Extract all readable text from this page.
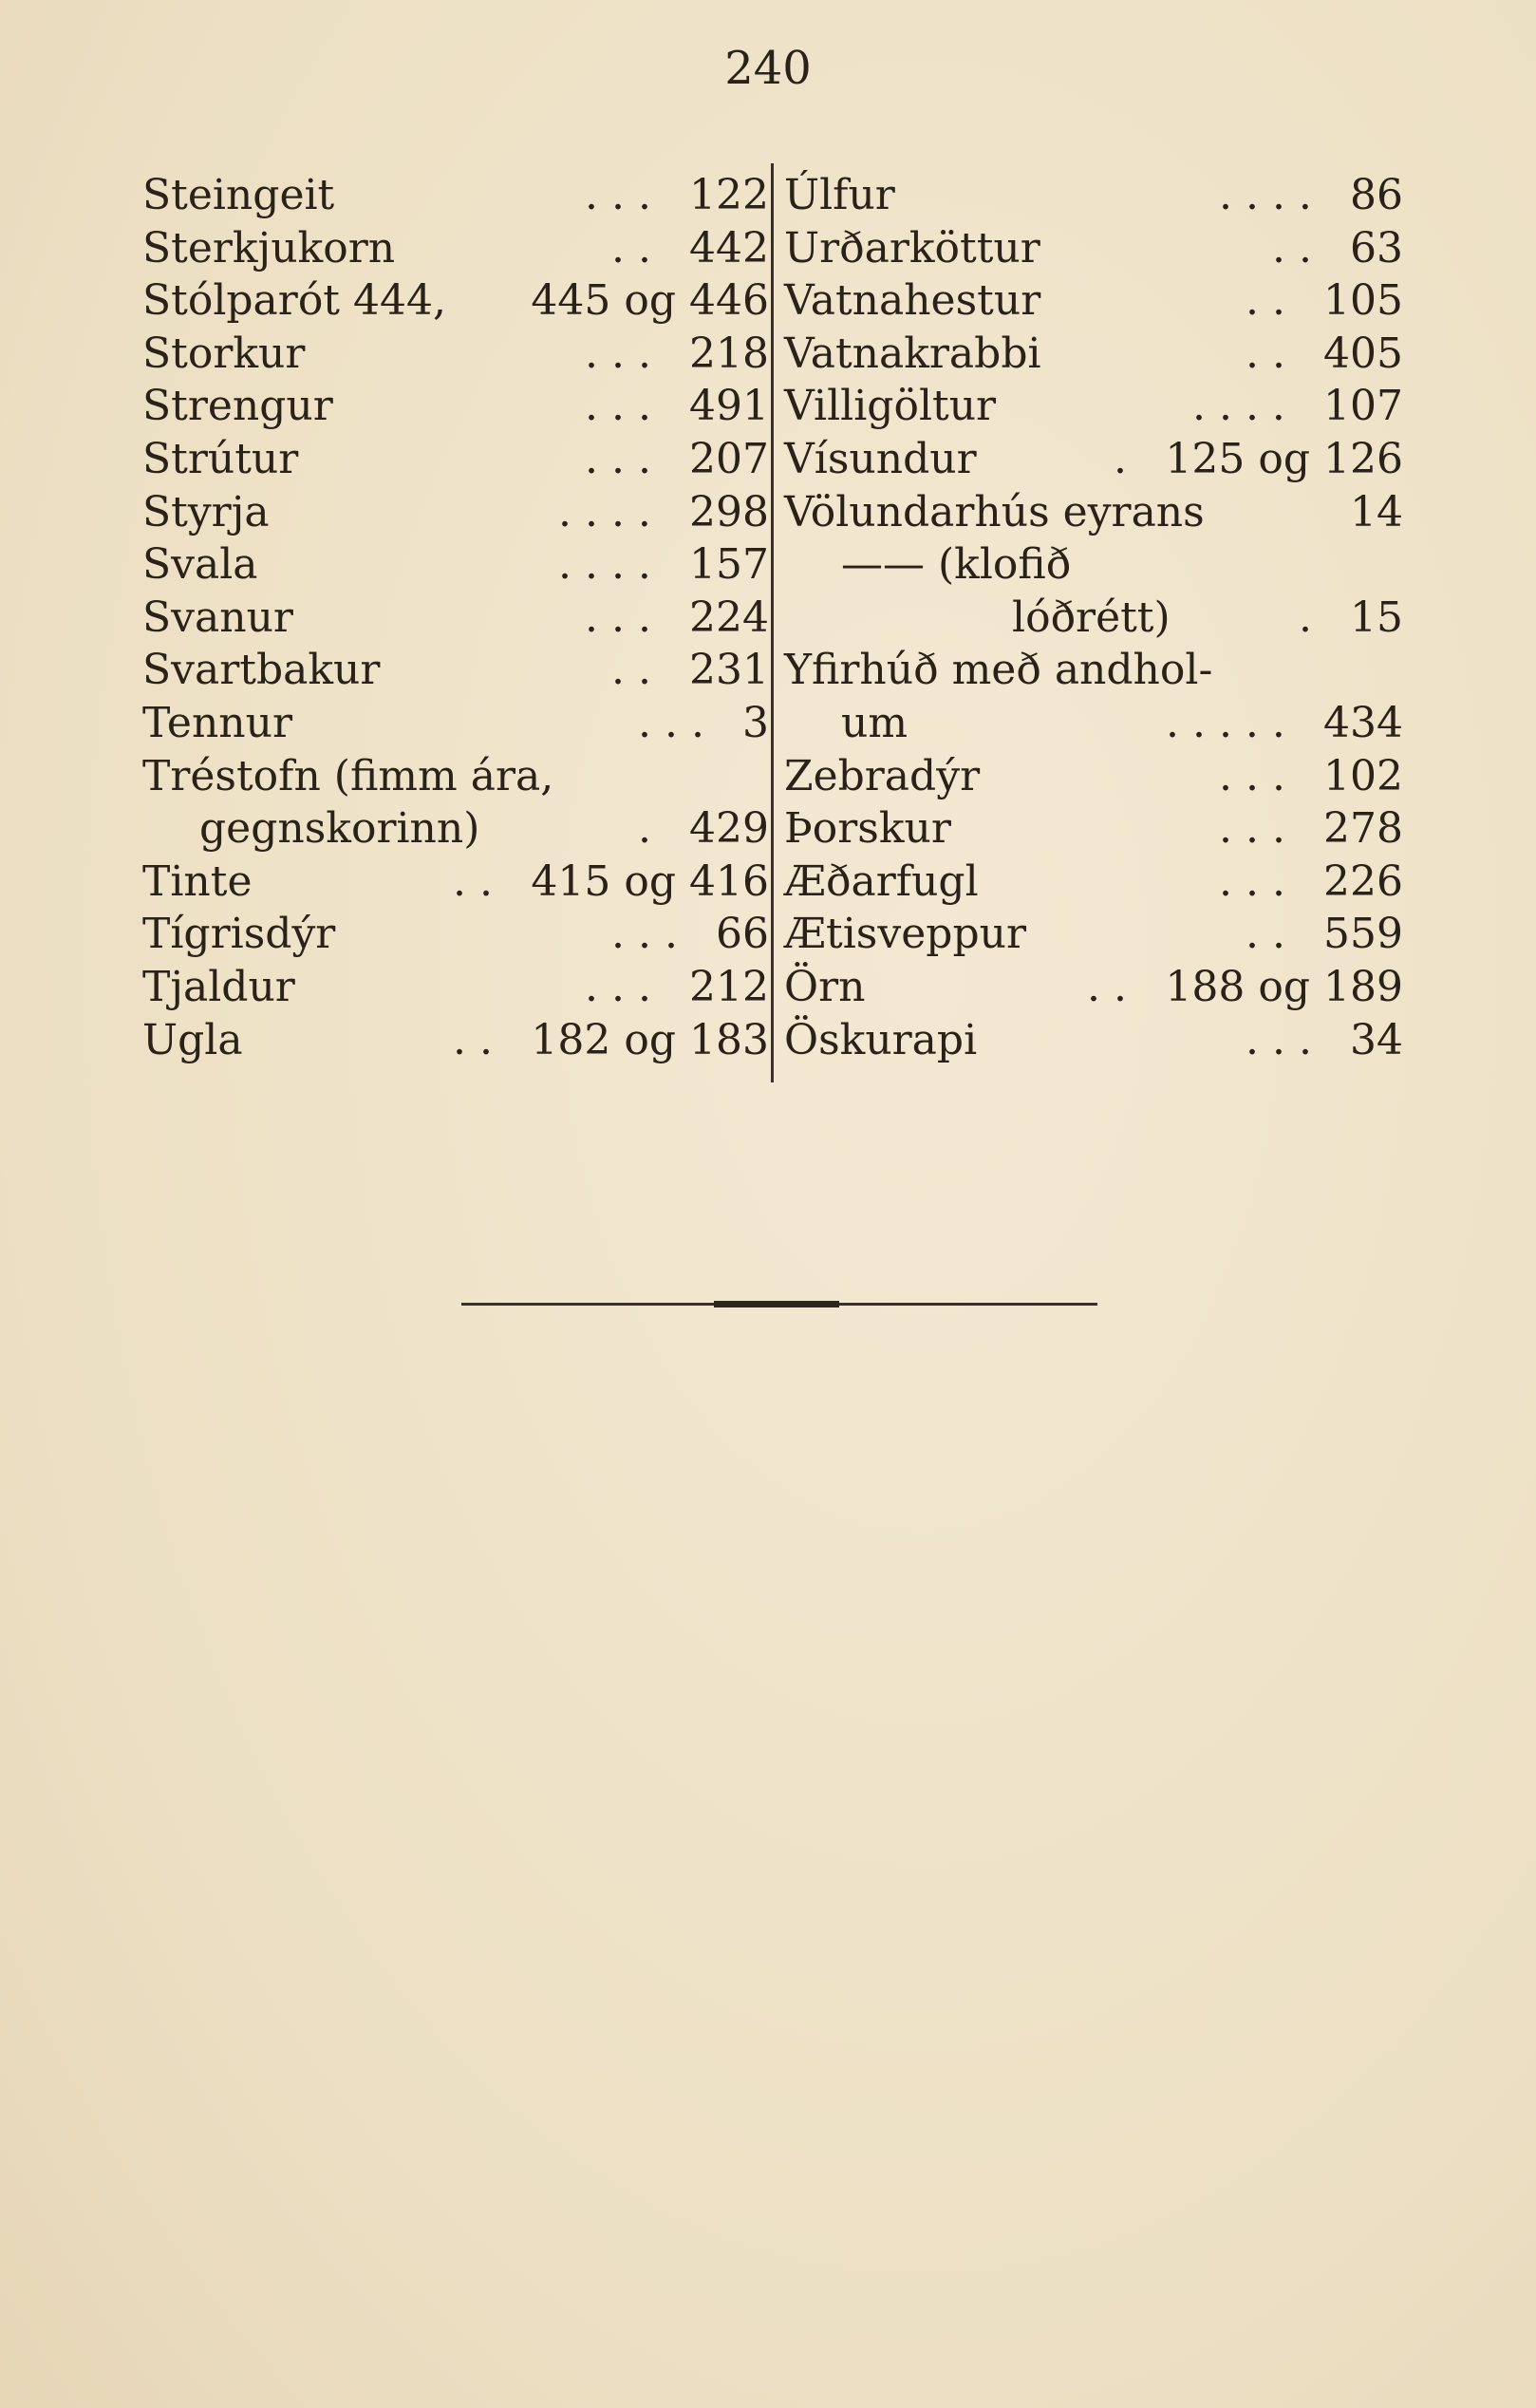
240
Steingeit	. . . 122
Sterkjukorn	. . 442
Stólparót 444, 445 og 446
Storkur	. . . 218
Strengur	. . . 491
Strútur	. . . 207
Styrja	. . . . 298
Svala	. . . . 157
Svanur	. . . 224
Svartbakur	. . 231
Tennur	. . . 3
Tréstofn (fimm ára,
gegnskorinn)	. 429
Tinte	. . 415 og 416
Tígrisdýr	. . . 66
Tjaldur	. . . 212
Ugla	. . 182 og 183
Úlfur	. . . . 86
Urðarköttur	. . 63
Vatnahestur	. . 105
Vatnakrabbi	. . 405
Villigöltur	. . . . 107
Vísundur	. 125 og 126
Völundarhús eyrans	14
—— (klofið
lóðrétt)	. 15
Yfirhúð með andhol-
um	. . . . . 434
Zebradýr	. . . 102
Þorskur	. . . 278
Æðarfugl	. . . 226
Ætisveppur	. . 559
Örn	. . 188 og 189
Öskurapi	. . . 34
